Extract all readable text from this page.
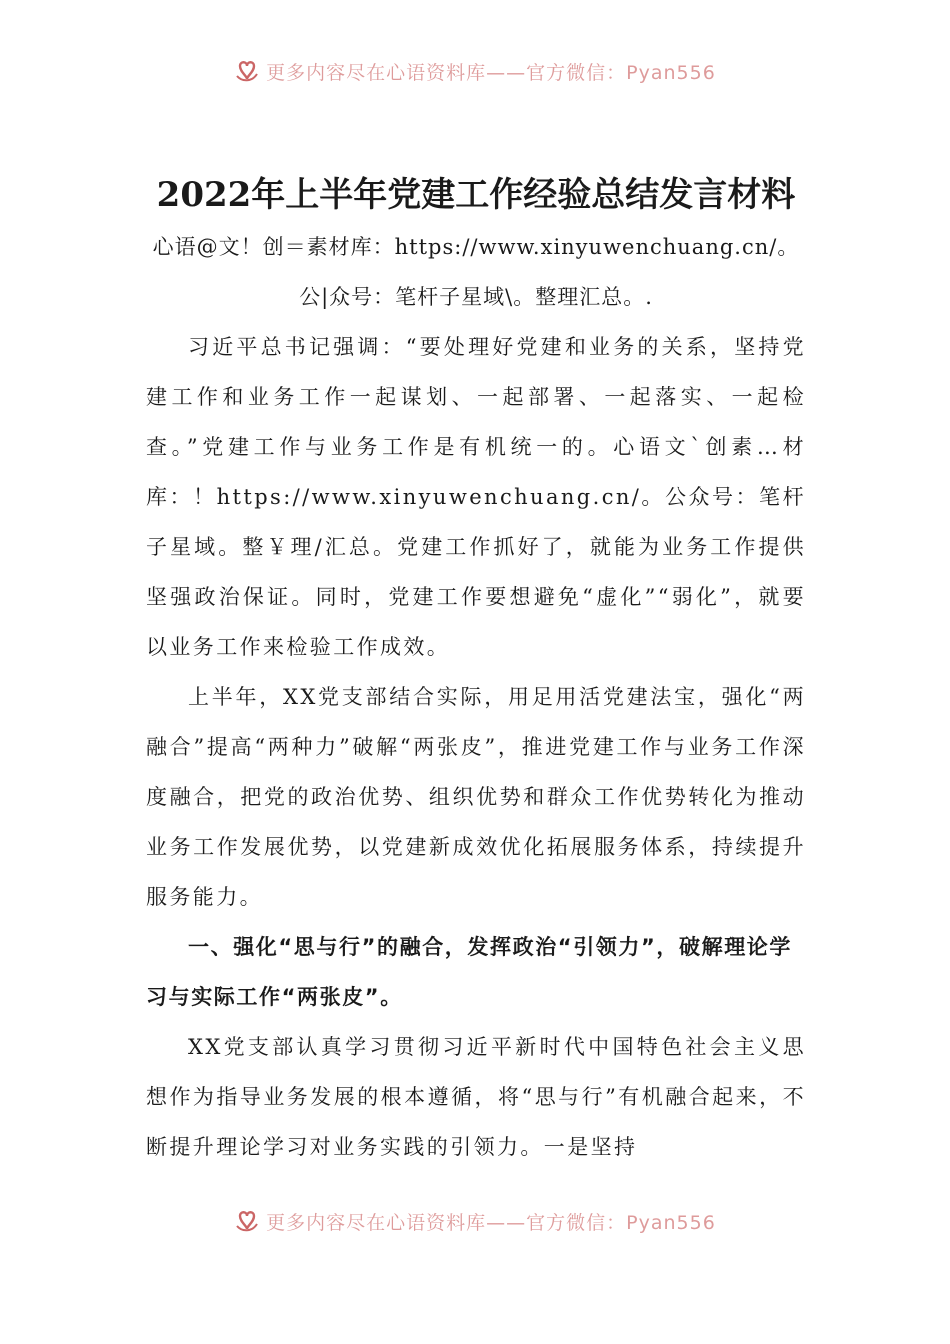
更多内容尽在心语资料库——官方微信：Pyan556
2022年上半年党建工作经验总结发言材料

心语@文！创＝素材库：https://www.xinyuwenchuang.cn/。公|众号：笔杆子星域\。整理汇总。.

习近平总书记强调：“要处理好党建和业务的关系，坚持党建工作和业务工作一起谋划、一起部署、一起落实、一起检查。”党建工作与业务工作是有机统一的。心语文`创素…材库：！https://www.xinyuwenchuang.cn/。公众号：笔杆子星域。整￥理/汇总。党建工作抓好了，就能为业务工作提供坚强政治保证。同时，党建工作要想避免“虚化”“弱化”，就要以业务工作来检验工作成效。

上半年，XX党支部结合实际，用足用活党建法宝，强化“两融合”提高“两种力”破解“两张皮”，推进党建工作与业务工作深度融合，把党的政治优势、组织优势和群众工作优势转化为推动业务工作发展优势，以党建新成效优化拓展服务体系，持续提升服务能力。

一、强化“思与行”的融合，发挥政治“引领力”，破解理论学习与实际工作“两张皮”。

XX党支部认真学习贯彻习近平新时代中国特色社会主义思想作为指导业务发展的根本遵循，将“思与行”有机融合起来，不断提升理论学习对业务实践的引领力。一是坚持

更多内容尽在心语资料库——官方微信：Pyan556
